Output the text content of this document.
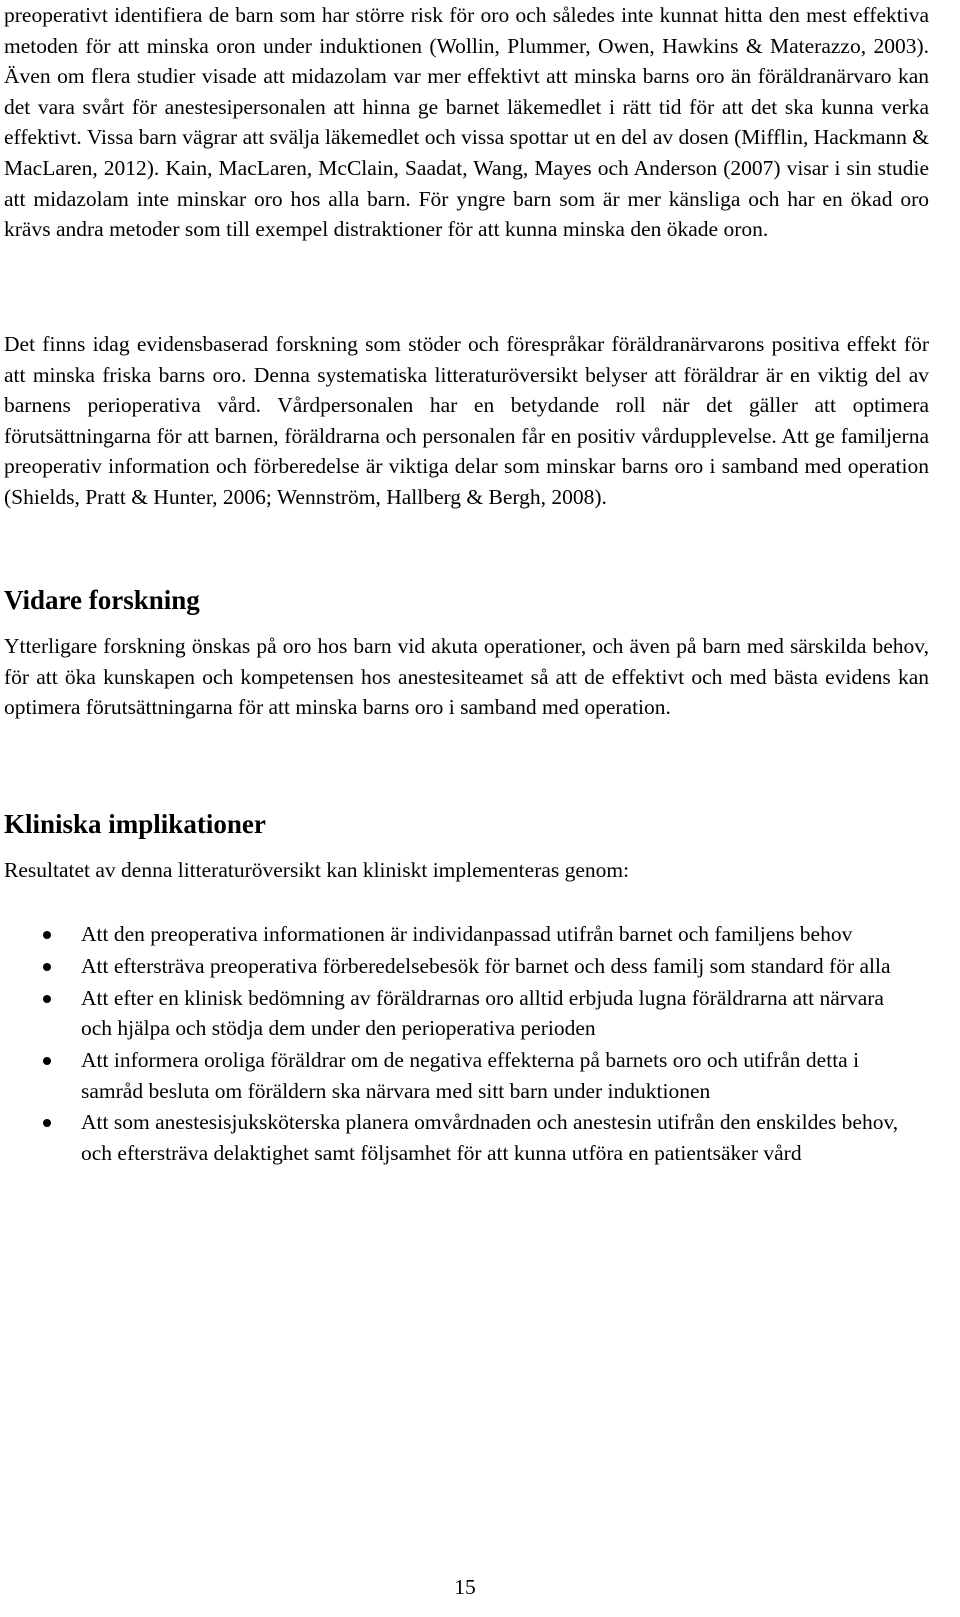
preoperativt identifiera de barn som har större risk för oro och således inte kunnat hitta den mest effektiva metoden för att minska oron under induktionen (Wollin, Plummer, Owen, Hawkins & Materazzo, 2003). Även om flera studier visade att midazolam var mer effektivt att minska barns oro än föräldranärvaro kan det vara svårt för anestesipersonalen att hinna ge barnet läkemedlet i rätt tid för att det ska kunna verka effektivt. Vissa barn vägrar att svälja läkemedlet och vissa spottar ut en del av dosen (Mifflin, Hackmann & MacLaren, 2012). Kain, MacLaren, McClain, Saadat, Wang, Mayes och Anderson (2007) visar i sin studie att midazolam inte minskar oro hos alla barn. För yngre barn som är mer känsliga och har en ökad oro krävs andra metoder som till exempel distraktioner för att kunna minska den ökade oron.

Det finns idag evidensbaserad forskning som stöder och förespråkar föräldranärvarons positiva effekt för att minska friska barns oro. Denna systematiska litteraturöversikt belyser att föräldrar är en viktig del av barnens perioperativa vård. Vårdpersonalen har en betydande roll när det gäller att optimera förutsättningarna för att barnen, föräldrarna och personalen får en positiv vårdupplevelse. Att ge familjerna preoperativ information och förberedelse är viktiga delar som minskar barns oro i samband med operation (Shields, Pratt & Hunter, 2006; Wennström, Hallberg & Bergh, 2008).

Vidare forskning

Ytterligare forskning önskas på oro hos barn vid akuta operationer, och även på barn med särskilda behov, för att öka kunskapen och kompetensen hos anestesiteamet så att de effektivt och med bästa evidens kan optimera förutsättningarna för att minska barns oro i samband med operation.

Kliniska implikationer

Resultatet av denna litteraturöversikt kan kliniskt implementeras genom:

Att den preoperativa informationen är individanpassad utifrån barnet och familjens behov
Att eftersträva preoperativa förberedelsebesök för barnet och dess familj som standard för alla
Att efter en klinisk bedömning av föräldrarnas oro alltid erbjuda lugna föräldrarna att närvara och hjälpa och stödja dem under den perioperativa perioden
Att informera oroliga föräldrar om de negativa effekterna på barnets oro och utifrån detta i samråd besluta om föräldern ska närvara med sitt barn under induktionen
Att som anestesisjuksköterska planera omvårdnaden och anestesin utifrån den enskildes behov, och eftersträva delaktighet samt följsamhet för att kunna utföra en patientsäker vård
15
